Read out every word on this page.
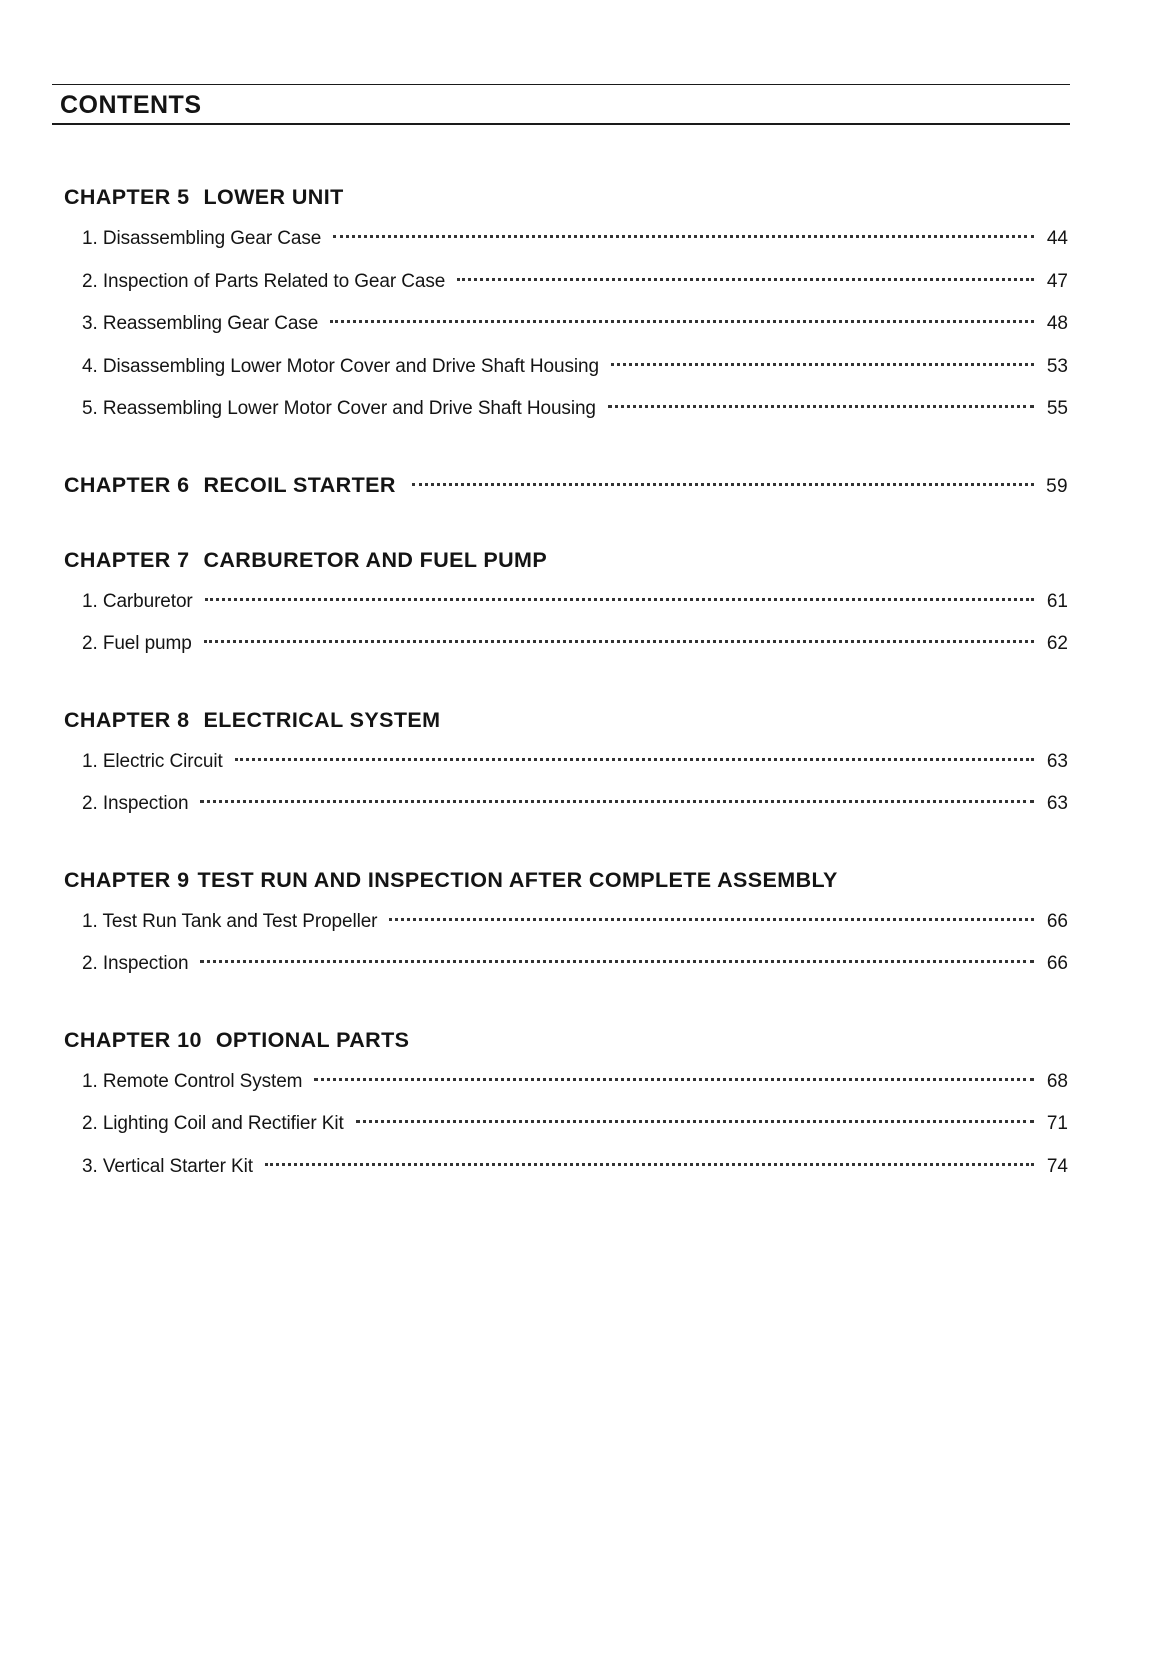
CONTENTS
CHAPTER 5 LOWER UNIT
1. Disassembling Gear Case	44
2. Inspection of Parts Related to Gear Case	47
3. Reassembling Gear Case	48
4. Disassembling Lower Motor Cover and Drive Shaft Housing	53
5. Reassembling Lower Motor Cover and Drive Shaft Housing	55
CHAPTER 6 RECOIL STARTER	59
CHAPTER 7 CARBURETOR AND FUEL PUMP
1. Carburetor	61
2. Fuel pump	62
CHAPTER 8 ELECTRICAL SYSTEM
1. Electric Circuit	63
2. Inspection	63
CHAPTER 9 TEST RUN AND INSPECTION AFTER COMPLETE ASSEMBLY
1. Test Run Tank and Test Propeller	66
2. Inspection	66
CHAPTER 10 OPTIONAL PARTS
1. Remote Control System	68
2. Lighting Coil and Rectifier Kit	71
3. Vertical Starter Kit	74
